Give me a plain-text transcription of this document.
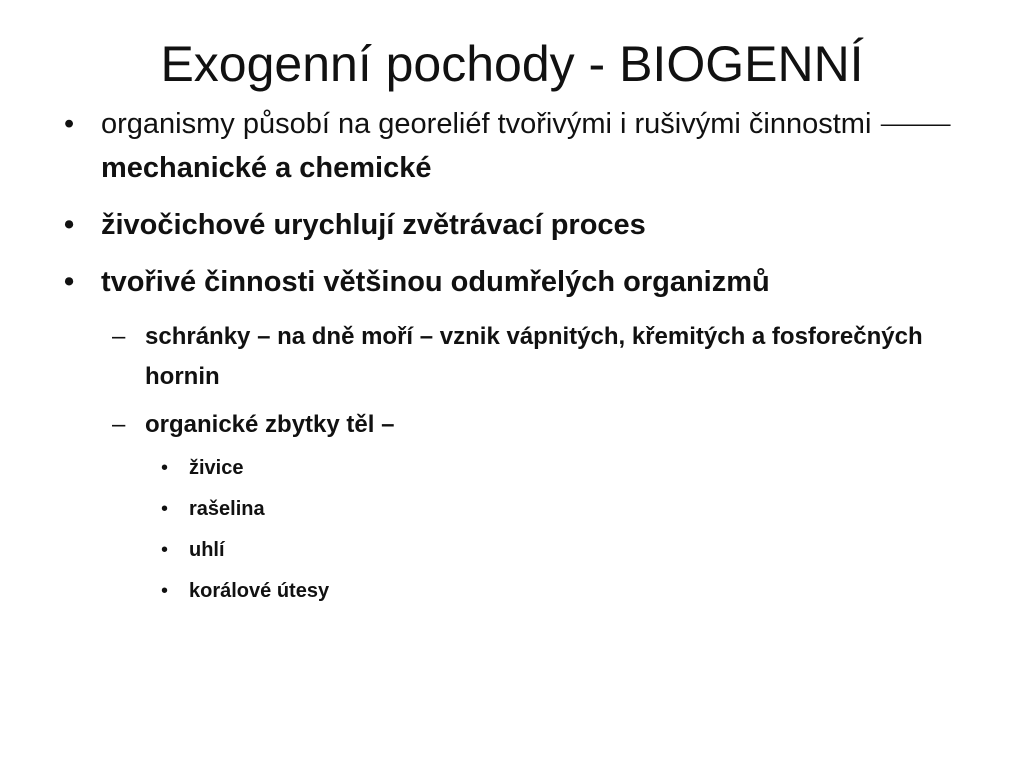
Exogenní pochody - BIOGENNÍ
• organismy působí na georeliéf tvořivými i rušivými činnostmi ⸻ mechanické a chemické
• živočichové urychlují zvětrávací proces
• tvořivé činnosti většinou odumřelých organizmů
– schránky – na dně moří – vznik vápnitých, křemitých a fosforečných hornin
– organické zbytky těl –
• živice
• rašelina
• uhlí
• korálové útesy
